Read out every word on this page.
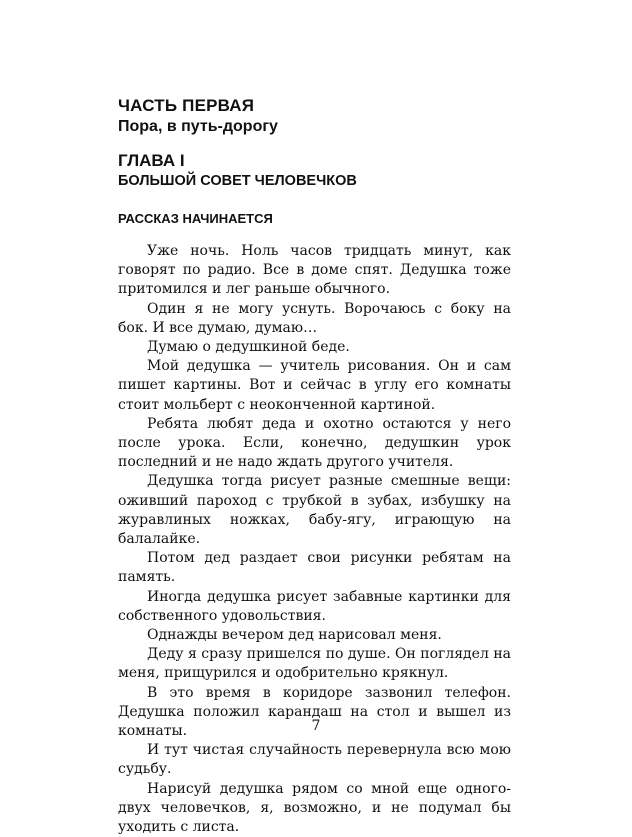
ЧАСТЬ ПЕРВАЯ
Пора, в путь-дорогу
ГЛАВА I
БОЛЬШОЙ СОВЕТ ЧЕЛОВЕЧКОВ
РАССКАЗ НАЧИНАЕТСЯ

Уже ночь. Ноль часов тридцать минут, как говорят по радио. Все в доме спят. Дедушка тоже притомился и лег раньше обычного.

Один я не могу уснуть. Ворочаюсь с боку на бок. И все думаю, думаю…

Думаю о дедушкиной беде.

Мой дедушка — учитель рисования. Он и сам пишет картины. Вот и сейчас в углу его комнаты стоит мольберт с неоконченной картиной.

Ребята любят деда и охотно остаются у него после урока. Если, конечно, дедушкин урок последний и не надо ждать другого учителя.

Дедушка тогда рисует разные смешные вещи: оживший пароход с трубкой в зубах, избушку на журавлиных ножках, бабу-ягу, играющую на балалайке.

Потом дед раздает свои рисунки ребятам на память.

Иногда дедушка рисует забавные картинки для собственного удовольствия.

Однажды вечером дед нарисовал меня.

Деду я сразу пришелся по душе. Он поглядел на меня, прищурился и одобрительно крякнул.

В это время в коридоре зазвонил телефон. Дедушка положил карандаш на стол и вышел из комнаты.

И тут чистая случайность перевернула всю мою судьбу.

Нарисуй дедушка рядом со мной еще одного-двух человечков, я, возможно, и не подумал бы уходить с листа.

7
